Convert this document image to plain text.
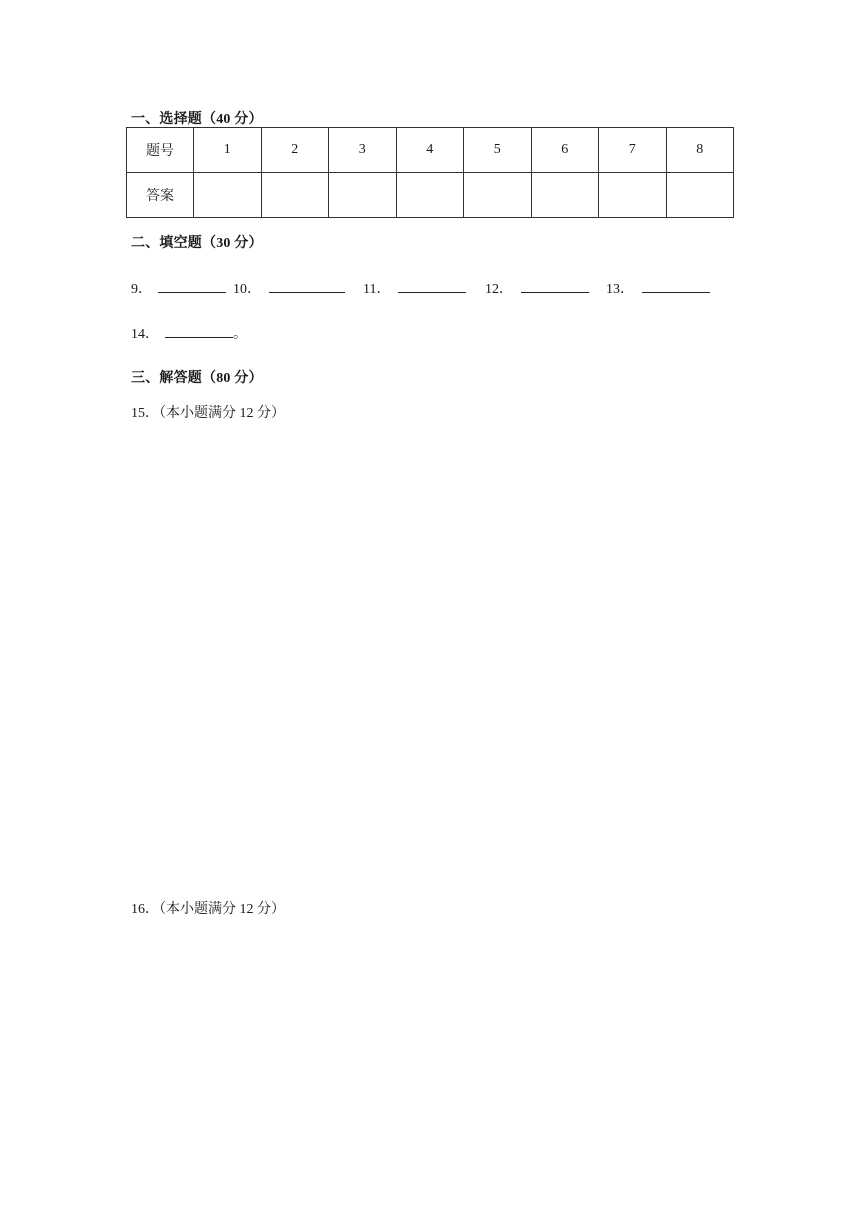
一、选择题（40 分）
题号	1	2	3	4	5	6	7	8
答案								
二、填空题（30 分）
9．	10．	11．	12．	13．
14．	。
三、解答题（80 分）
15．（本小题满分 12 分）
16．（本小题满分 12 分）
